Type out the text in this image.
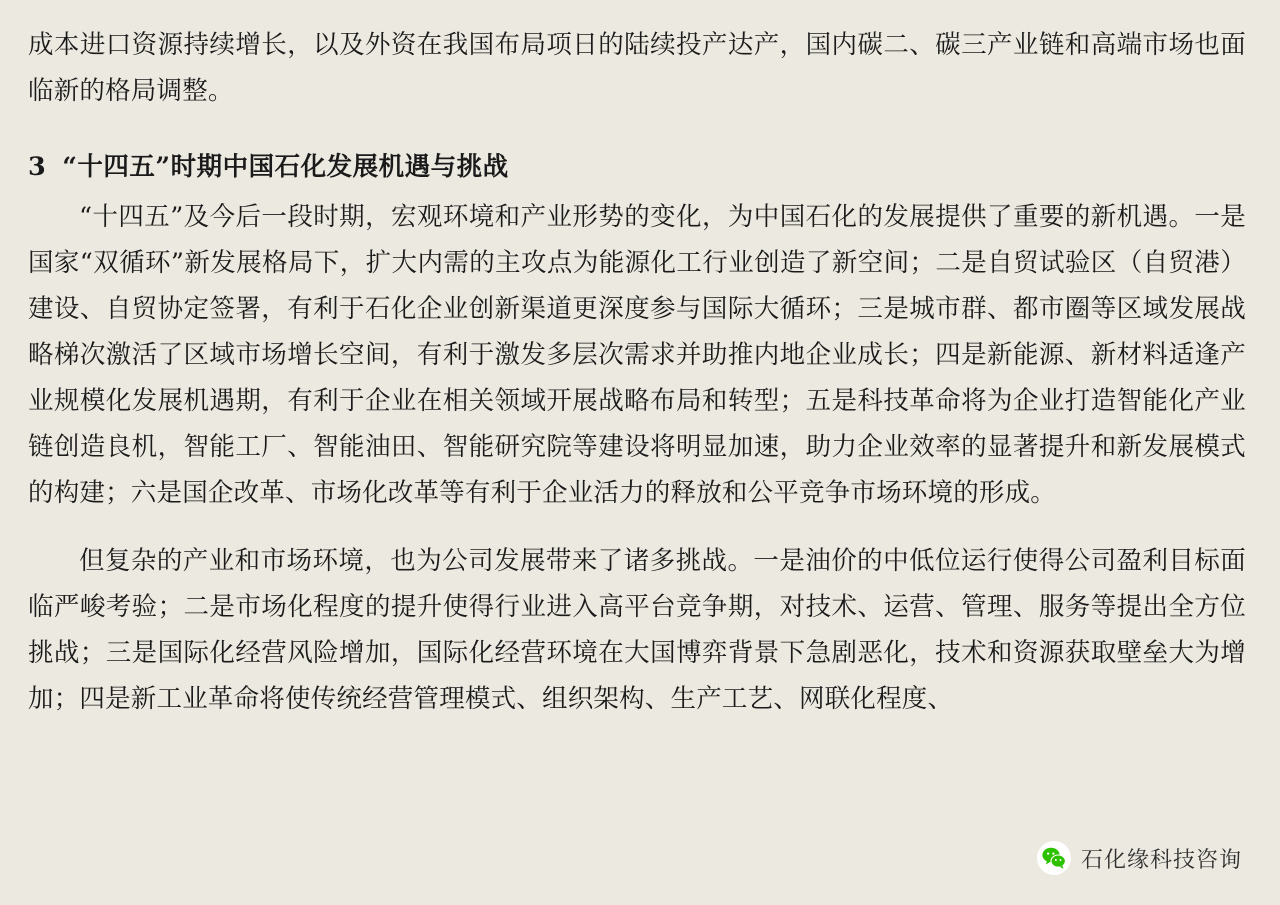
成本进口资源持续增长，以及外资在我国布局项日的陆续投产达产，国内碳二、碳三产业链和高端市场也面临新的格局调整。

3 “十四五”时期中国石化发展机遇与挑战

“十四五”及今后一段时期，宏观环境和产业形势的变化，为中国石化的发展提供了重要的新机遇。一是国家“双循环”新发展格局下，扩大内需的主攻点为能源化工行业创造了新空间；二是自贸试验区（自贸港）建设、自贸协定签署，有利于石化企业创新渠道更深度参与国际大循环；三是城市群、都市圈等区域发展战略梯次激活了区域市场增长空间，有利于激发多层次需求并助推内地企业成长；四是新能源、新材料适逢产业规模化发展机遇期，有利于企业在相关领域开展战略布局和转型；五是科技革命将为企业打造智能化产业链创造良机，智能工厂、智能油田、智能研究院等建设将明显加速，助力企业效率的显著提升和新发展模式的构建；六是国企改革、市场化改革等有利于企业活力的释放和公平竞争市场环境的形成。

但复杂的产业和市场环境，也为公司发展带来了诸多挑战。一是油价的中低位运行使得公司盈利目标面临严峻考验；二是市场化程度的提升使得行业进入高平台竞争期，对技术、运营、管理、服务等提出全方位挑战；三是国际化经营风险增加，国际化经营环境在大国博弈背景下急剧恶化，技术和资源获取壁垒大为增加；四是新工业革命将使传统经营管理模式、组织架构、生产工艺、网联化程度、

石化缘科技咨询
